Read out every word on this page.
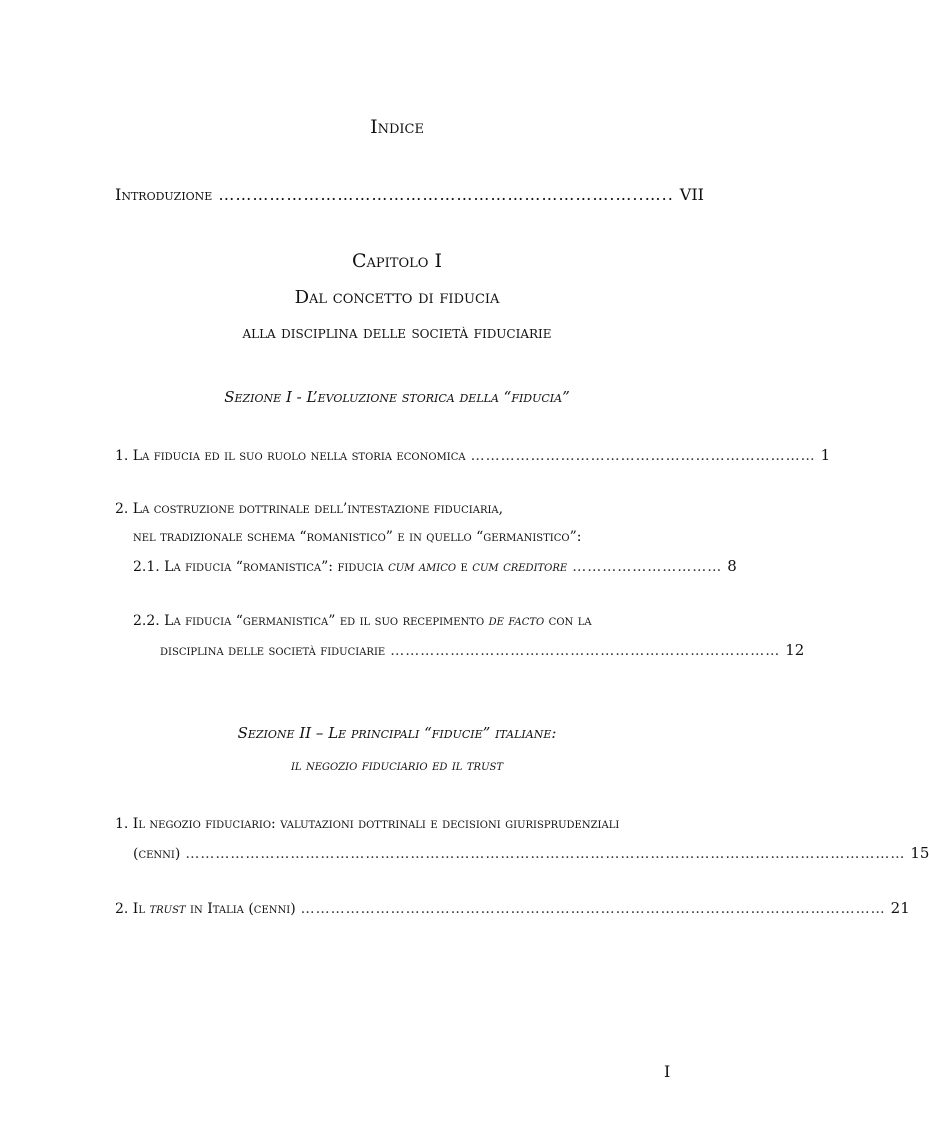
Indice
Introduzione …………………………………………………………….…..….. VII
Capitolo I
Dal concetto di fiducia
alla disciplina delle società fiduciarie
Sezione I - L’evoluzione storica della “fiducia”
1. La fiducia ed il suo ruolo nella storia economica …………………………………………………………… 1
2. La costruzione dottrinale dell’intestazione fiduciaria,
nel tradizionale schema “romanistico” e in quello “germanistico”:
2.1. La fiducia “romanistica”: fiducia cum amico e cum creditore ………………………… 8
2.2. La fiducia “germanistica” ed il suo recepimento de facto con la
disciplina delle società fiduciarie …………………………………………………………………… 12
Sezione II – Le principali “fiducie” italiane:
il negozio fiduciario ed il trust
1. Il negozio fiduciario: valutazioni dottrinali e decisioni giurisprudenziali
(cenni) ……………………………………………………………………………………………………………………………… 15
2. Il trust in Italia (cenni) ……………………………………………………………………………………………………… 21
I
